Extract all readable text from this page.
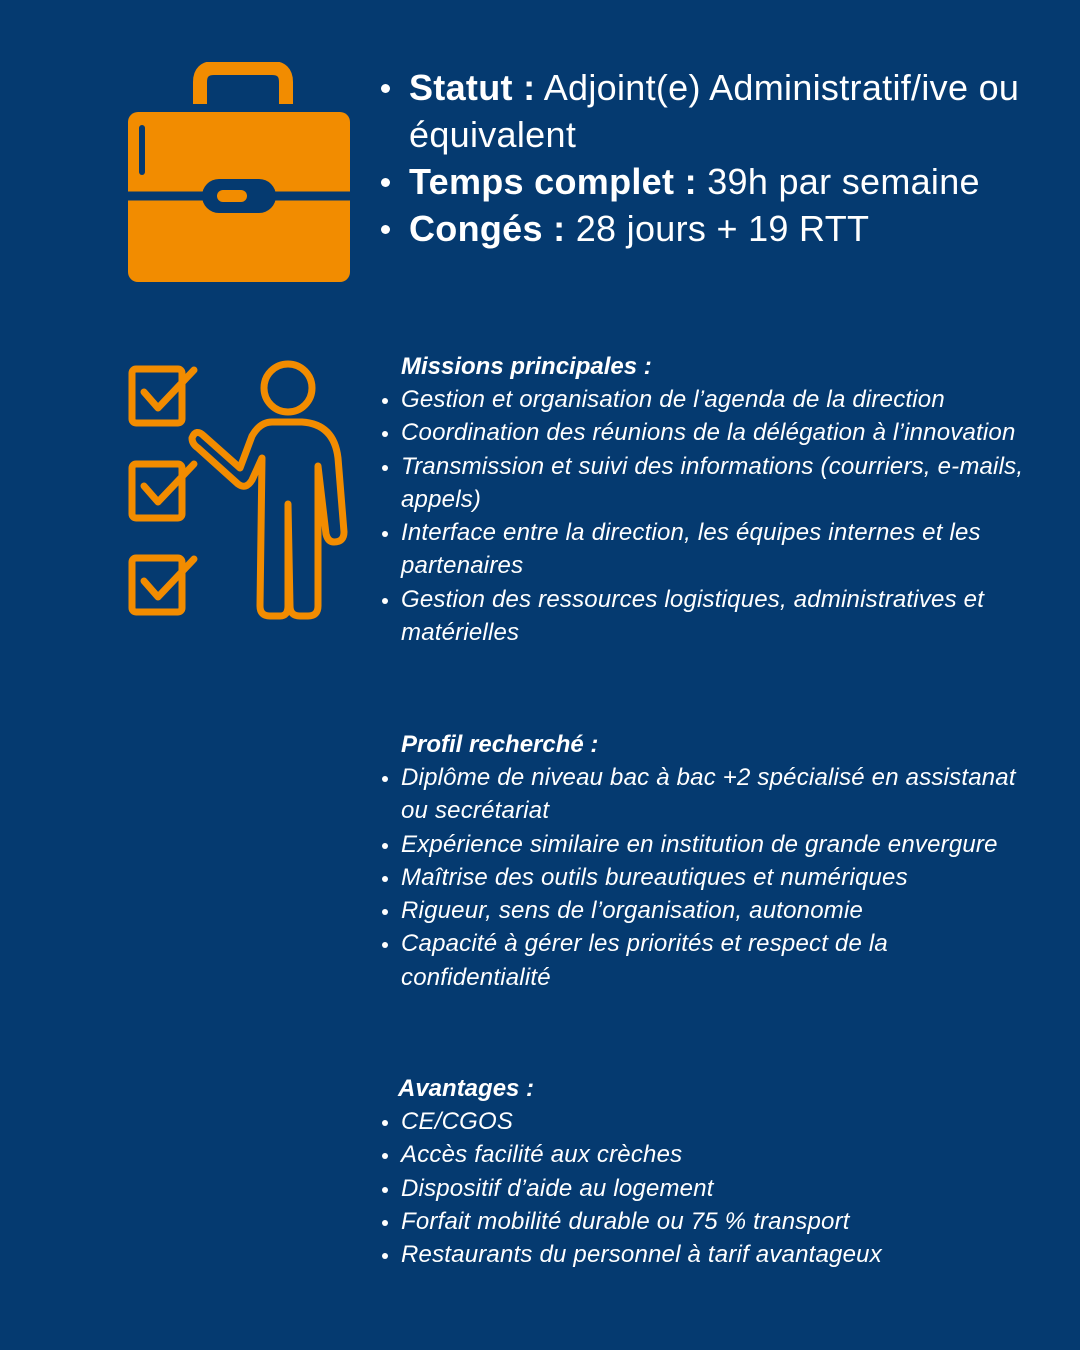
Statut : Adjoint(e) Administratif/ive ou équivalent
Temps complet : 39h par semaine
Congés : 28 jours + 19 RTT
Missions principales :
Gestion et organisation de l’agenda de la direction
Coordination des réunions de la délégation à l’innovation
Transmission et suivi des informations (courriers, e-mails, appels)
Interface entre la direction, les équipes internes et les partenaires
Gestion des ressources logistiques, administratives et matérielles
Profil recherché :
Diplôme de niveau bac à bac +2 spécialisé en assistanat ou secrétariat
Expérience similaire en institution de grande envergure
Maîtrise des outils bureautiques et numériques
Rigueur, sens de l’organisation, autonomie
Capacité à gérer les priorités et respect de la confidentialité
Avantages :
CE/CGOS
Accès facilité aux crèches
Dispositif d’aide au logement
Forfait mobilité durable ou 75 % transport
Restaurants du personnel à tarif avantageux
